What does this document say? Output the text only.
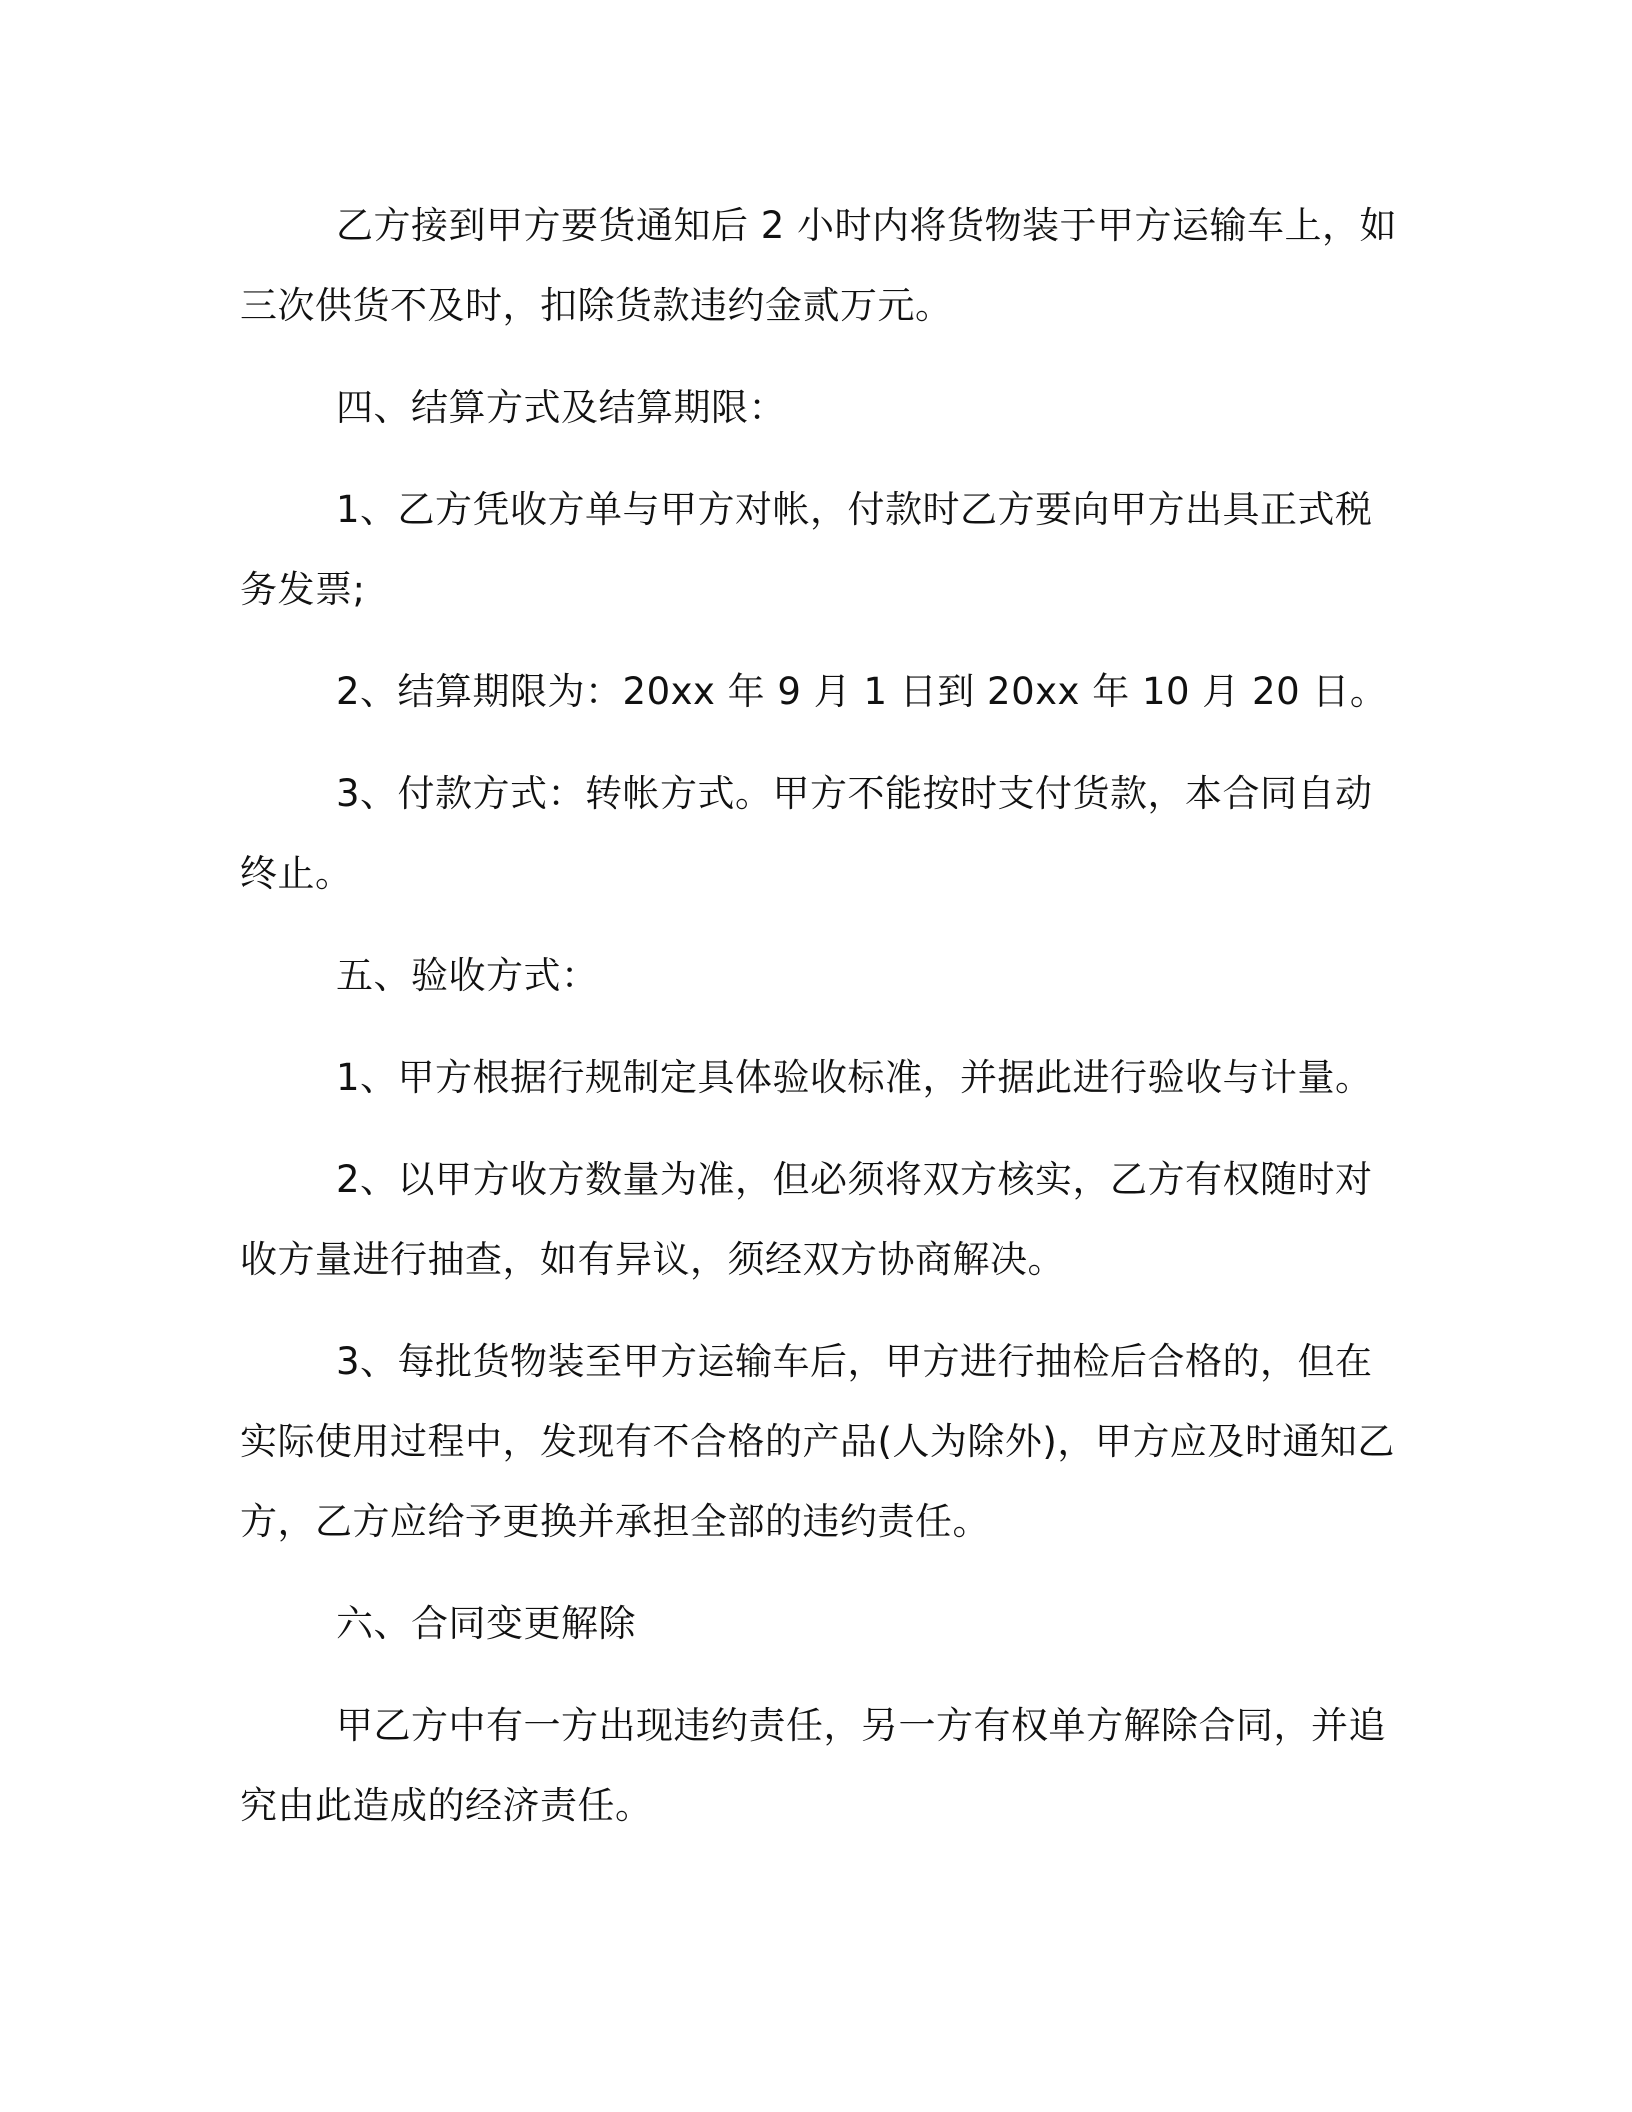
乙方接到甲方要货通知后 2 小时内将货物装于甲方运输车上，如
三次供货不及时，扣除货款违约金贰万元。
四、结算方式及结算期限：
1、乙方凭收方单与甲方对帐，付款时乙方要向甲方出具正式税
务发票;
2、结算期限为：20xx 年 9 月 1 日到 20xx 年 10 月 20 日。
3、付款方式：转帐方式。甲方不能按时支付货款，本合同自动
终止。
五、验收方式：
1、甲方根据行规制定具体验收标准，并据此进行验收与计量。
2、以甲方收方数量为准，但必须将双方核实，乙方有权随时对
收方量进行抽查，如有异议，须经双方协商解决。
3、每批货物装至甲方运输车后，甲方进行抽检后合格的，但在
实际使用过程中，发现有不合格的产品(人为除外)，甲方应及时通知乙
方，乙方应给予更换并承担全部的违约责任。
六、合同变更解除
甲乙方中有一方出现违约责任，另一方有权单方解除合同，并追
究由此造成的经济责任。
